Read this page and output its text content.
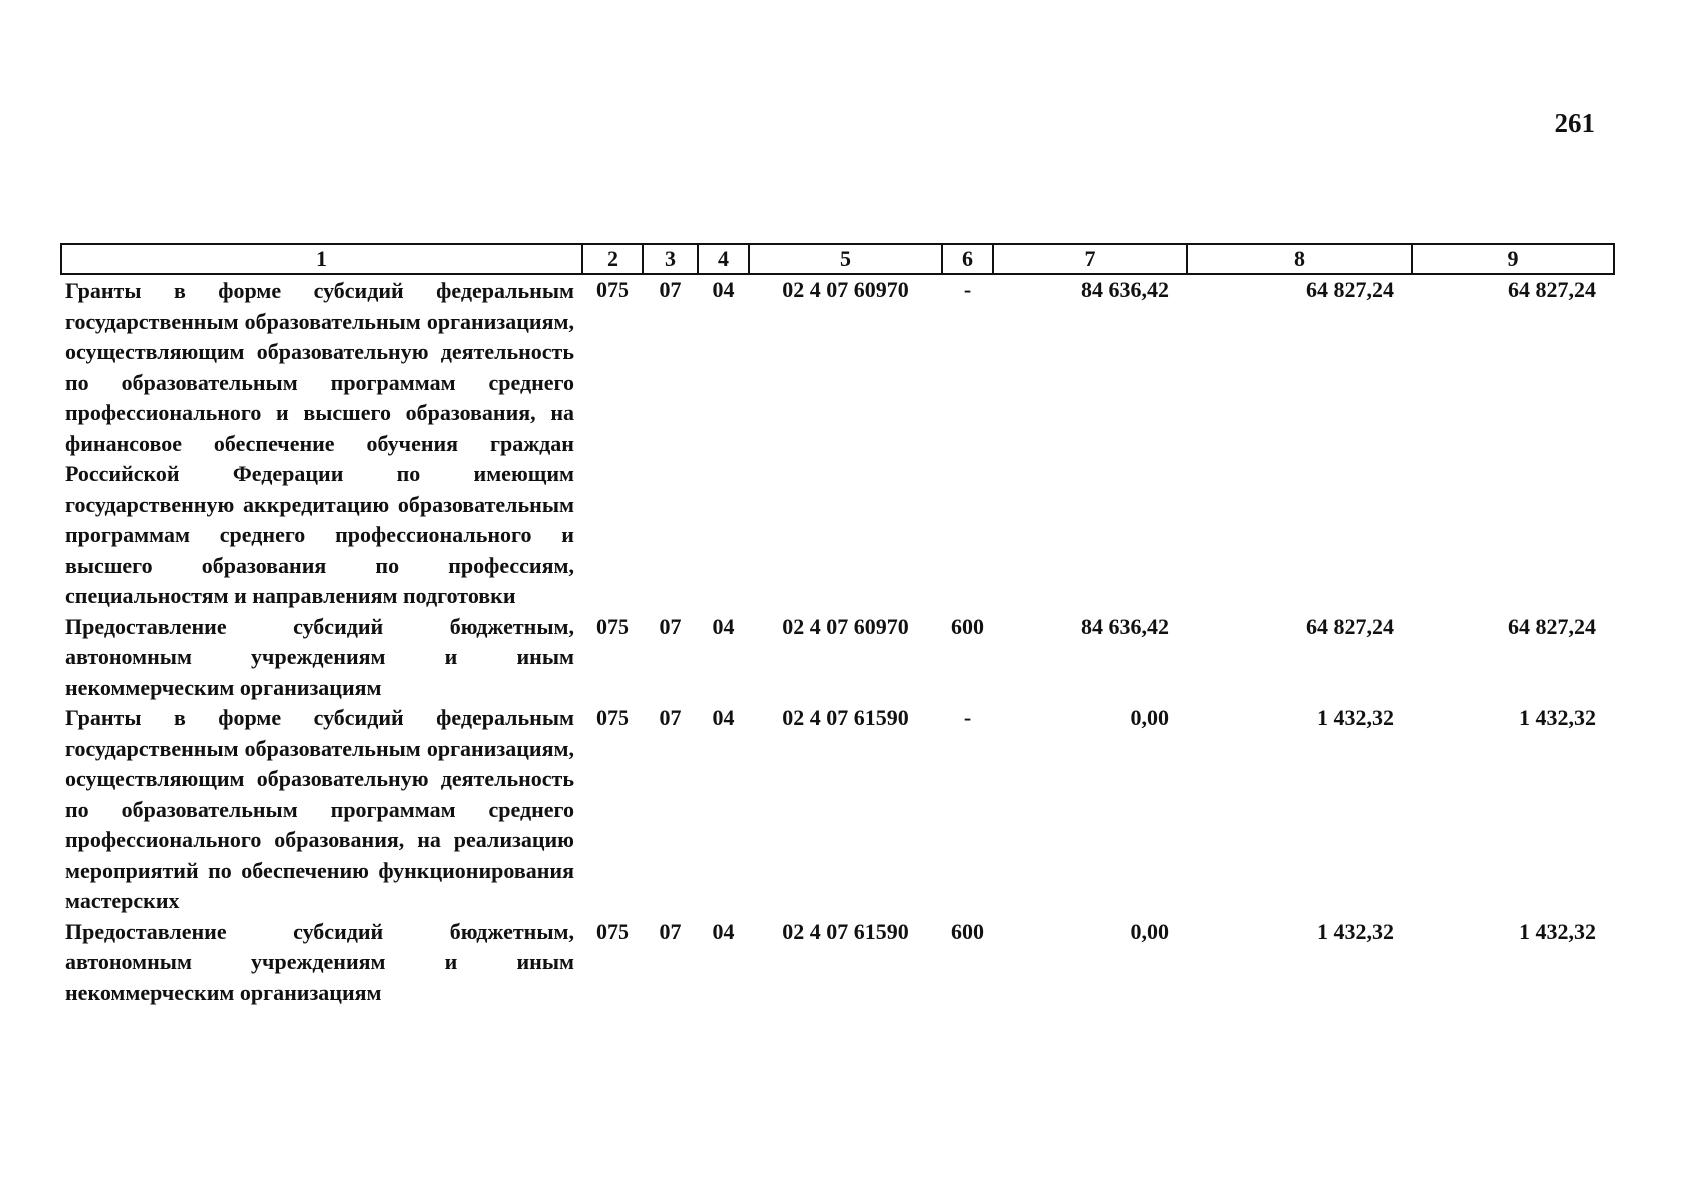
261
1	2	3	4	5	6	7	8	9
Гранты в форме субсидий федеральным государственным образовательным организациям, осуществляющим образовательную деятельность по образовательным программам среднего профессионального и высшего образования, на финансовое обеспечение обучения граждан Российской Федерации по имеющим государственную аккредитацию образовательным программам среднего профессионального и высшего образования по профессиям, специальностям и направлениям подготовки	075	07	04	02 4 07 60970	-	84 636,42	64 827,24	64 827,24
Предоставление субсидий бюджетным, автономным учреждениям и иным некоммерческим организациям	075	07	04	02 4 07 60970	600	84 636,42	64 827,24	64 827,24
Гранты в форме субсидий федеральным государственным образовательным организациям, осуществляющим образовательную деятельность по образовательным программам среднего профессионального образования, на реализацию мероприятий по обеспечению функционирования мастерских	075	07	04	02 4 07 61590	-	0,00	1 432,32	1 432,32
Предоставление субсидий бюджетным, автономным учреждениям и иным некоммерческим организациям	075	07	04	02 4 07 61590	600	0,00	1 432,32	1 432,32
